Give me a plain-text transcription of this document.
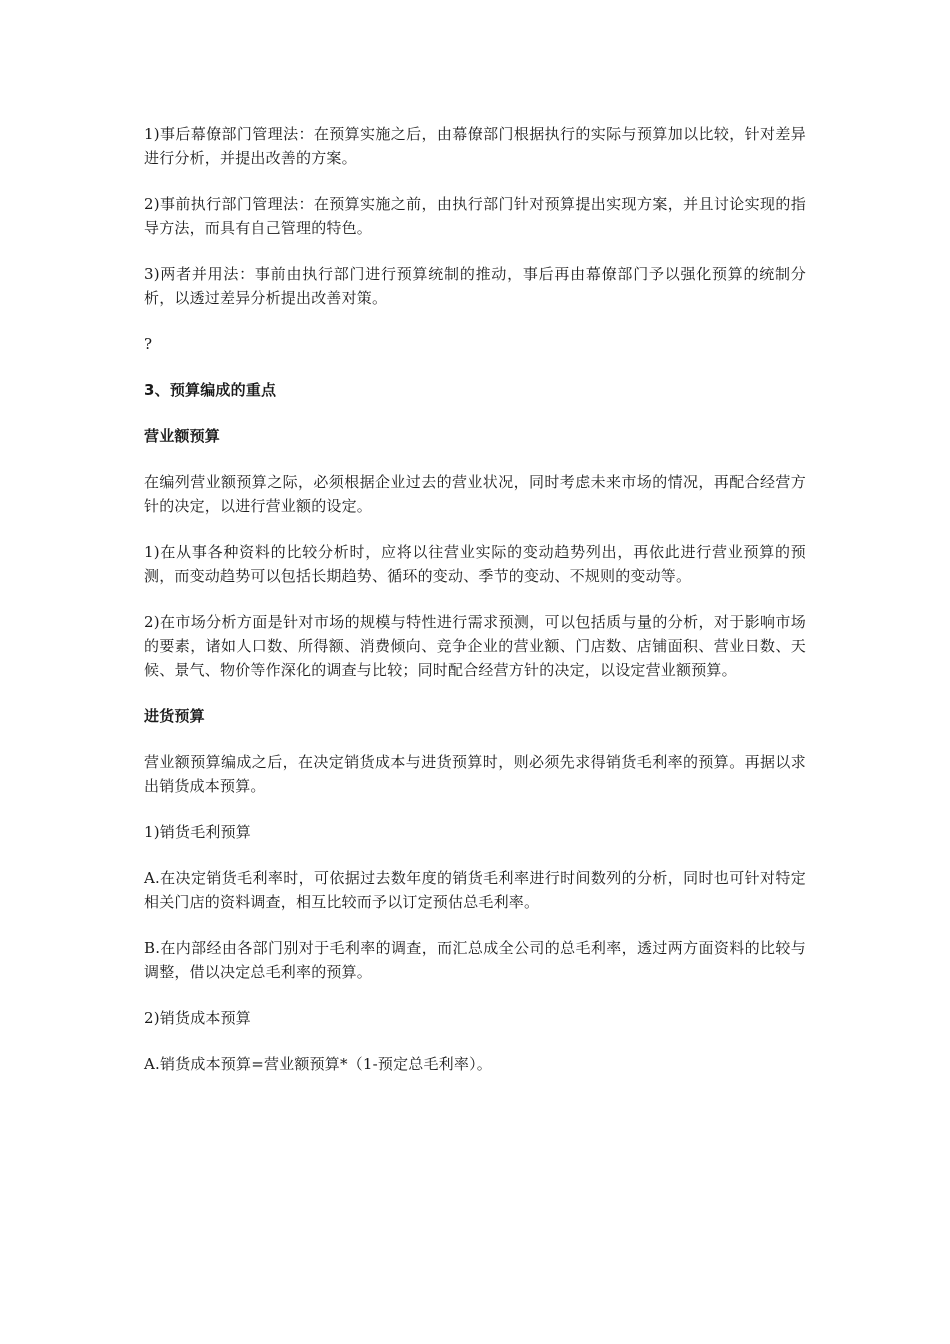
1)事后幕僚部门管理法：在预算实施之后，由幕僚部门根据执行的实际与预算加以比较，针对差异进行分析，并提出改善的方案。

2)事前执行部门管理法：在预算实施之前，由执行部门针对预算提出实现方案，并且讨论实现的指导方法，而具有自己管理的特色。

3)两者并用法：事前由执行部门进行预算统制的推动，事后再由幕僚部门予以强化预算的统制分析，以透过差异分析提出改善对策。

?

3、预算编成的重点

营业额预算

在编列营业额预算之际，必须根据企业过去的营业状况，同时考虑未来市场的情况，再配合经营方针的决定，以进行营业额的设定。

1)在从事各种资料的比较分析时，应将以往营业实际的变动趋势列出，再依此进行营业预算的预测，而变动趋势可以包括长期趋势、循环的变动、季节的变动、不规则的变动等。

2)在市场分析方面是针对市场的规模与特性进行需求预测，可以包括质与量的分析，对于影响市场的要素，诸如人口数、所得额、消费倾向、竞争企业的营业额、门店数、店铺面积、营业日数、天候、景气、物价等作深化的调查与比较；同时配合经营方针的决定，以设定营业额预算。

进货预算

营业额预算编成之后，在决定销货成本与进货预算时，则必须先求得销货毛利率的预算。再据以求出销货成本预算。

1)销货毛利预算

A.在决定销货毛利率时，可依据过去数年度的销货毛利率进行时间数列的分析，同时也可针对特定相关门店的资料调查，相互比较而予以订定预估总毛利率。

B.在内部经由各部门别对于毛利率的调查，而汇总成全公司的总毛利率，透过两方面资料的比较与调整，借以决定总毛利率的预算。

2)销货成本预算

A.销货成本预算=营业额预算*（1-预定总毛利率）。
